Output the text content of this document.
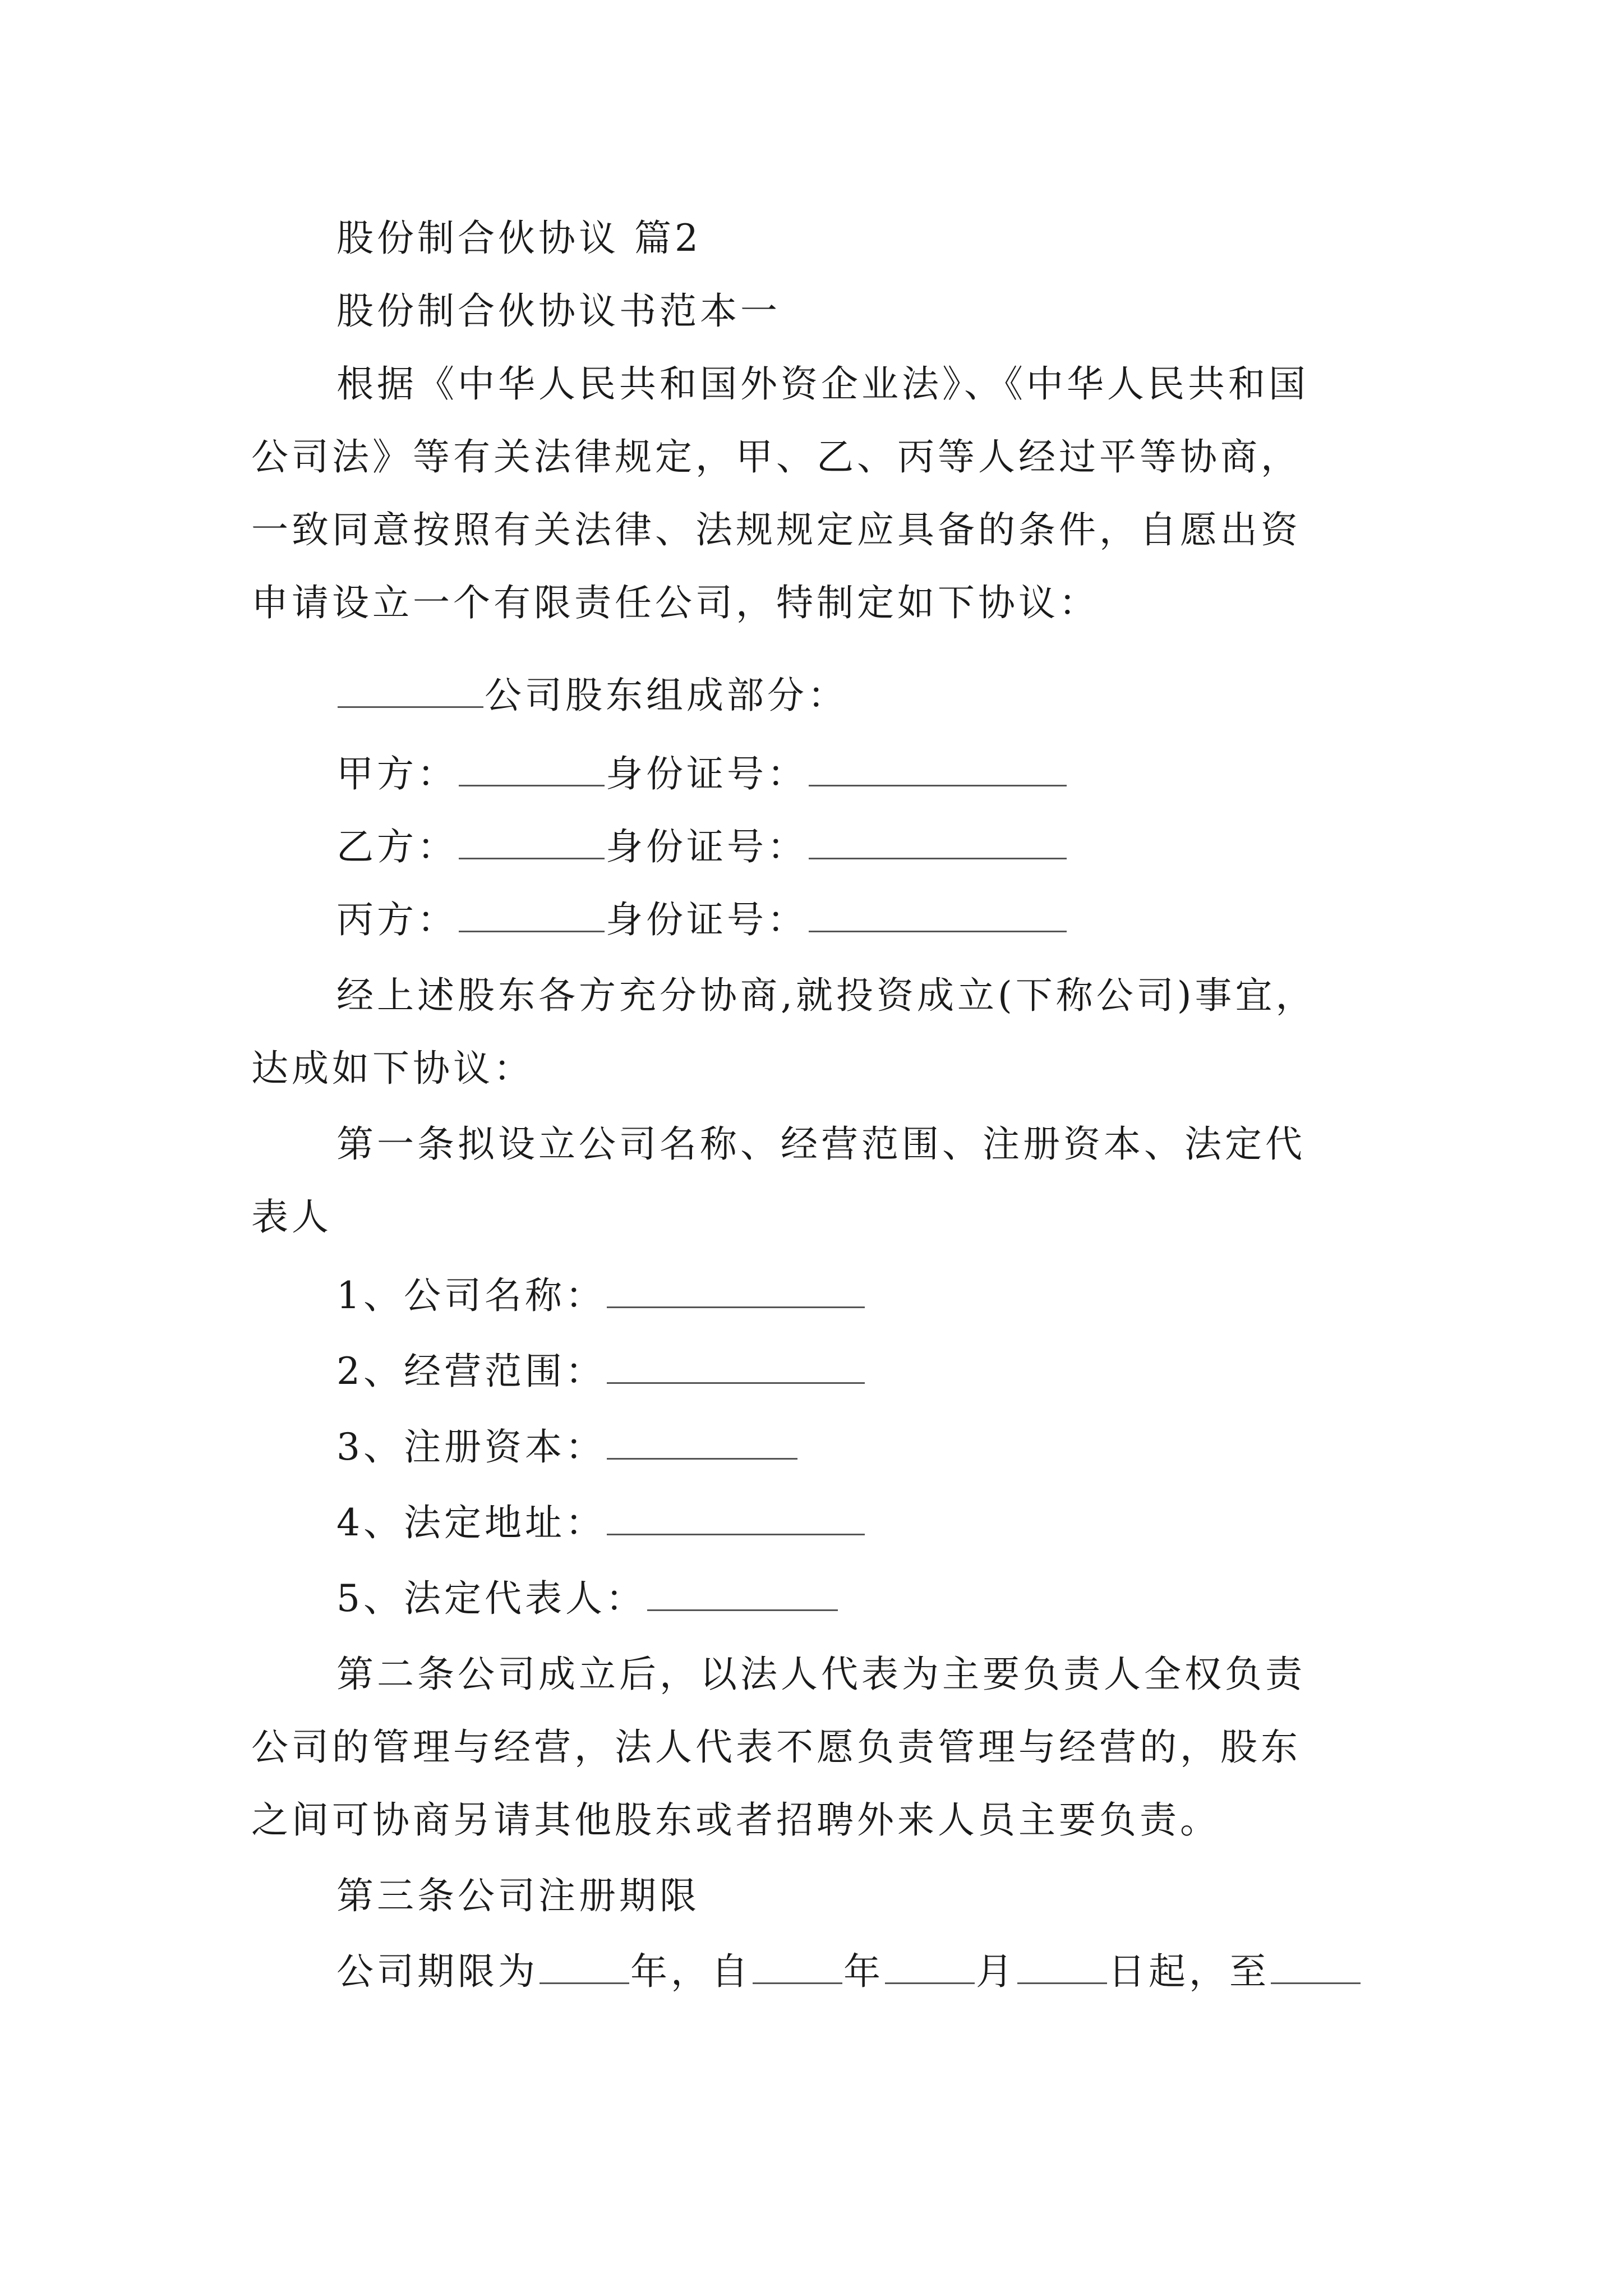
股份制合伙协议 篇2
股份制合伙协议书范本一
根据《中华人民共和国外资企业法》、《中华人民共和国
公司法》等有关法律规定，甲、乙、丙等人经过平等协商，
一致同意按照有关法律、法规规定应具备的条件，自愿出资
申请设立一个有限责任公司，特制定如下协议：
公司股东组成部分：
甲方：	身份证号：
乙方：	身份证号：
丙方：	身份证号：
经上述股东各方充分协商,就投资成立(下称公司)事宜，
达成如下协议：
第一条拟设立公司名称、经营范围、注册资本、法定代
表人
1、公司名称：
2、经营范围：
3、注册资本：
4、法定地址：
5、法定代表人：
第二条公司成立后，以法人代表为主要负责人全权负责
公司的管理与经营，法人代表不愿负责管理与经营的，股东
之间可协商另请其他股东或者招聘外来人员主要负责。
第三条公司注册期限
公司期限为 年，自 年 月 日起，至
